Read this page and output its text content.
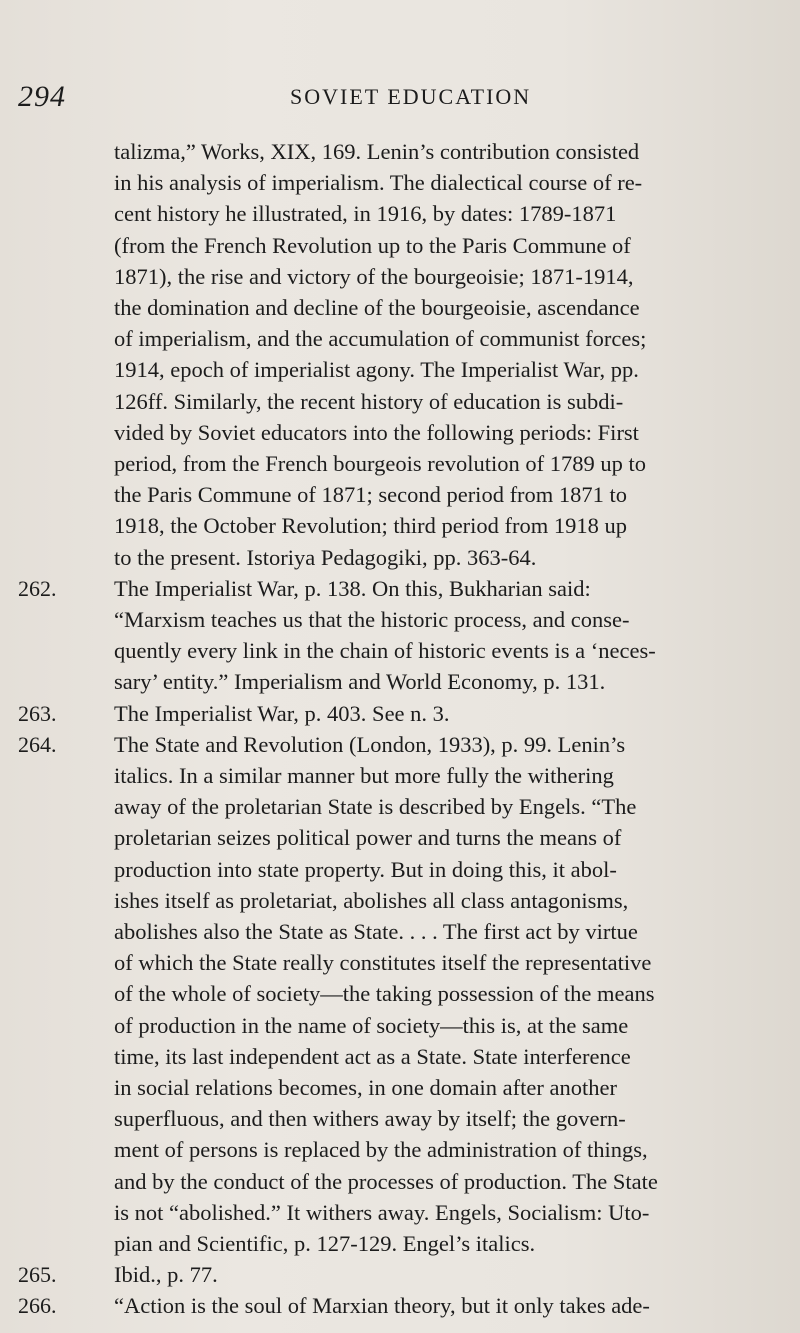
294	SOVIET EDUCATION
talizma,” Works, XIX, 169. Lenin’s contribution consisted
in his analysis of imperialism. The dialectical course of re-
cent history he illustrated, in 1916, by dates: 1789-1871
(from the French Revolution up to the Paris Commune of
1871), the rise and victory of the bourgeoisie; 1871-1914,
the domination and decline of the bourgeoisie, ascendance
of imperialism, and the accumulation of communist forces;
1914, epoch of imperialist agony. The Imperialist War, pp.
126ff. Similarly, the recent history of education is subdi-
vided by Soviet educators into the following periods: First
period, from the French bourgeois revolution of 1789 up to
the Paris Commune of 1871; second period from 1871 to
1918, the October Revolution; third period from 1918 up
to the present. Istoriya Pedagogiki, pp. 363-64.
262.	The Imperialist War, p. 138. On this, Bukharian said:
“Marxism teaches us that the historic process, and conse-
quently every link in the chain of historic events is a ‘neces-
sary’ entity.” Imperialism and World Economy, p. 131.
263.	The Imperialist War, p. 403. See n. 3.
264.	The State and Revolution (London, 1933), p. 99. Lenin’s
italics. In a similar manner but more fully the withering
away of the proletarian State is described by Engels. “The
proletarian seizes political power and turns the means of
production into state property. But in doing this, it abol-
ishes itself as proletariat, abolishes all class antagonisms,
abolishes also the State as State. . . . The first act by virtue
of which the State really constitutes itself the representative
of the whole of society—the taking possession of the means
of production in the name of society—this is, at the same
time, its last independent act as a State. State interference
in social relations becomes, in one domain after another
superfluous, and then withers away by itself; the govern-
ment of persons is replaced by the administration of things,
and by the conduct of the processes of production. The State
is not “abolished.” It withers away. Engels, Socialism: Uto-
pian and Scientific, p. 127-129. Engel’s italics.
265.	Ibid., p. 77.
266.	“Action is the soul of Marxian theory, but it only takes ade-
